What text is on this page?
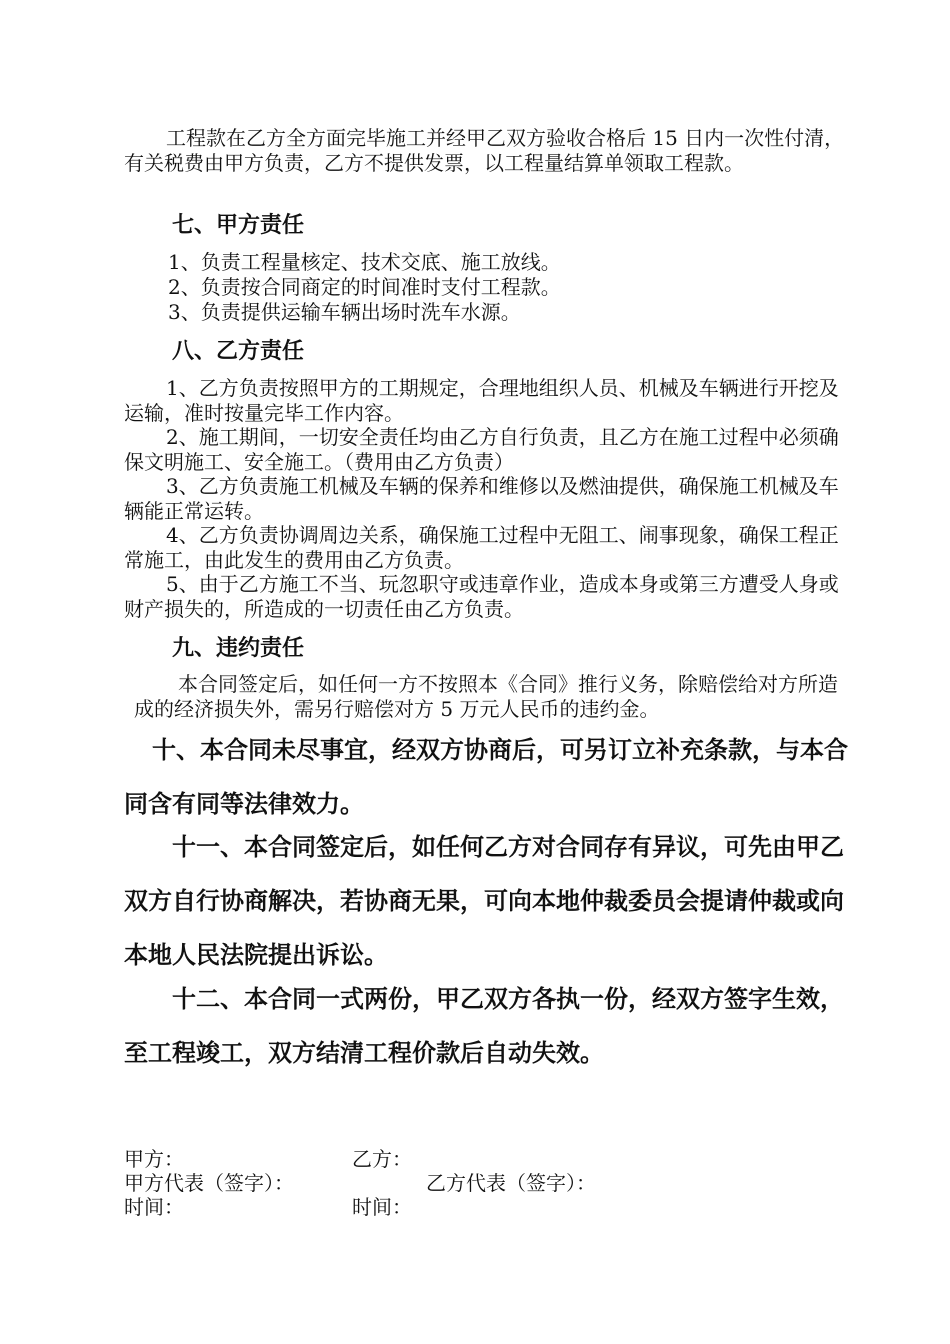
工程款在乙方全方面完毕施工并经甲乙双方验收合格后 15 日内一次性付清，有关税费由甲方负责，乙方不提供发票，以工程量结算单领取工程款。

七、甲方责任

1、负责工程量核定、技术交底、施工放线。

2、负责按合同商定的时间准时支付工程款。

3、负责提供运输车辆出场时洗车水源。

八、乙方责任

1、乙方负责按照甲方的工期规定，合理地组织人员、机械及车辆进行开挖及运输，准时按量完毕工作内容。

2、施工期间，一切安全责任均由乙方自行负责，且乙方在施工过程中必须确保文明施工、安全施工。（费用由乙方负责）

3、乙方负责施工机械及车辆的保养和维修以及燃油提供，确保施工机械及车辆能正常运转。

4、乙方负责协调周边关系，确保施工过程中无阻工、闹事现象，确保工程正常施工，由此发生的费用由乙方负责。

5、由于乙方施工不当、玩忽职守或违章作业，造成本身或第三方遭受人身或财产损失的，所造成的一切责任由乙方负责。

九、违约责任

本合同签定后，如任何一方不按照本《合同》推行义务，除赔偿给对方所造成的经济损失外，需另行赔偿对方 5 万元人民币的违约金。

十、本合同未尽事宜，经双方协商后，可另订立补充条款，与本合同含有同等法律效力。

十一、本合同签定后，如任何乙方对合同存有异议，可先由甲乙双方自行协商解决，若协商无果，可向本地仲裁委员会提请仲裁或向本地人民法院提出诉讼。

十二、本合同一式两份，甲乙双方各执一份，经双方签字生效，至工程竣工，双方结清工程价款后自动失效。

甲方：	乙方：

甲方代表（签字）：	乙方代表（签字）：

时间：	时间：
